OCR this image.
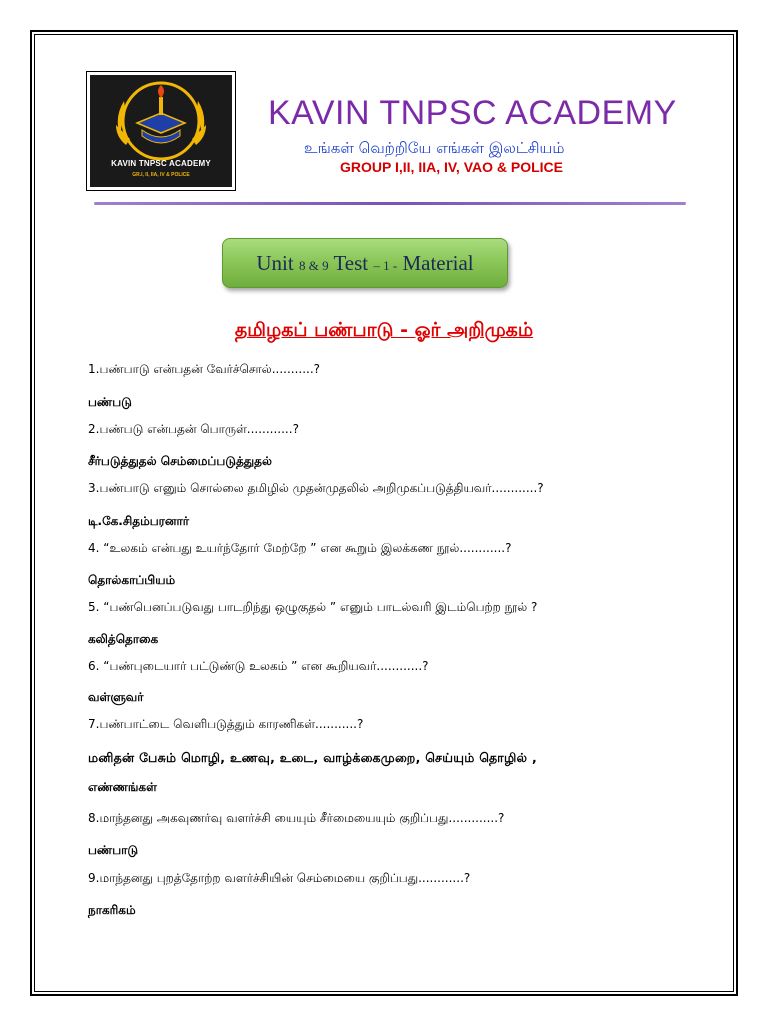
KAVIN TNPSC ACADEMY
GR.I, II, IIA, IV & POLICE
KAVIN TNPSC ACADEMY
உங்கள் வெற்றியே எங்கள் இலட்சியம்
GROUP I,II, IIA, IV, VAO & POLICE
Unit 8 & 9 Test – 1 - Material
தமிழகப் பண்பாடு - ஓர் அறிமுகம்
1.பண்பாடு என்பதன் வேர்ச்சொல்...........?
பண்படு
2.பண்படு என்பதன் பொருள்............?
சீர்படுத்துதல் செம்மைப்படுத்துதல்
3.பண்பாடு எனும் சொல்லை தமிழில் முதன்முதலில் அறிமுகப்படுத்தியவர்............?
டி.கே.சிதம்பரனார்
4. “உலகம் என்பது உயர்ந்தோர் மேற்றே ” என கூறும் இலக்கண நூல்............?
தொல்காப்பியம்
5. “பண்பெனப்படுவது பாடறிந்து ஒழுகுதல் ” எனும் பாடல்வரி இடம்பெற்ற நூல் ?
கலித்தொகை
6. “பண்புடையார் பட்டுண்டு உலகம் ” என கூறியவர்............?
வள்ளுவர்
7.பண்பாட்டை வெளிபடுத்தும் காரணிகள்...........?
மனிதன் பேசும் மொழி, உணவு, உடை, வாழ்க்கைமுறை, செய்யும் தொழில் ,
எண்ணங்கள்
8.மாந்தனது அகவுணர்வு வளர்ச்சி யையும் சீர்மையையும் குறிப்பது.............?
பண்பாடு
9.மாந்தனது புறத்தோற்ற வளர்ச்சியின் செம்மையை குறிப்பது............?
நாகரிகம்
